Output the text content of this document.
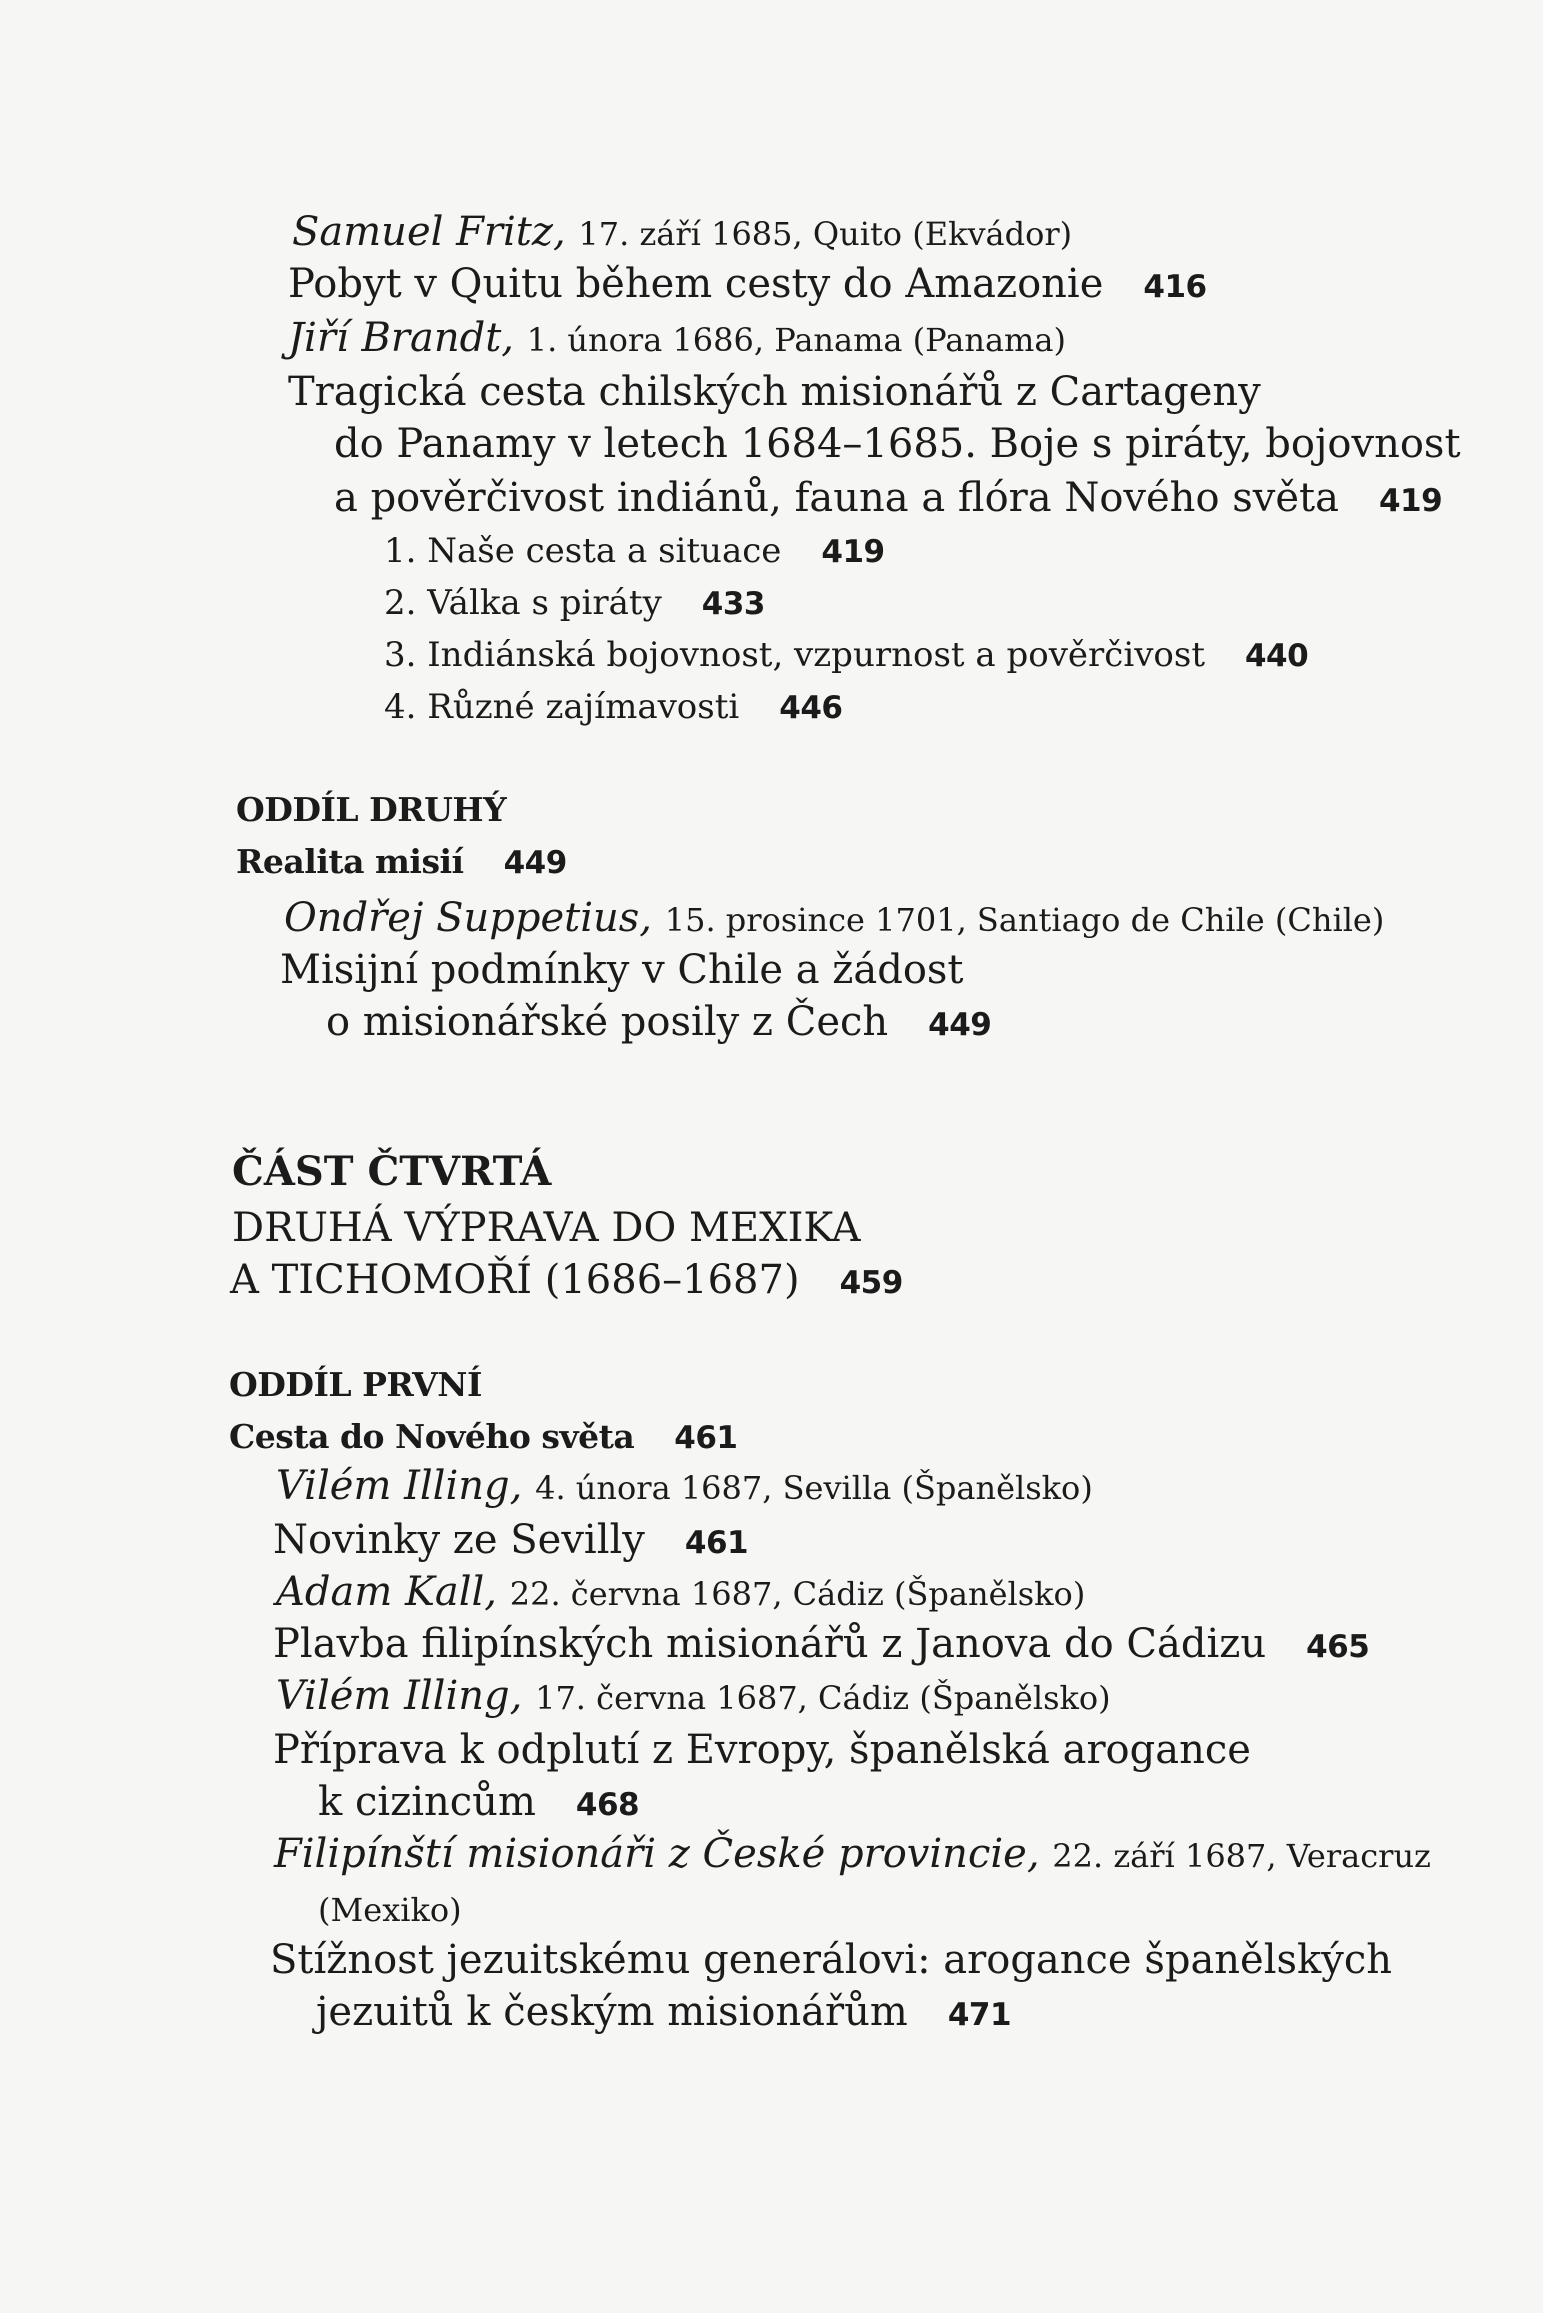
Samuel Fritz, 17. září 1685, Quito (Ekvádor)
Pobyt v Quitu během cesty do Amazonie 416
Jiří Brandt, 1. února 1686, Panama (Panama)
Tragická cesta chilských misionářů z Cartageny
do Panamy v letech 1684–1685. Boje s piráty, bojovnost
a pověrčivost indiánů, fauna a flóra Nového světa 419
1. Naše cesta a situace 419
2. Válka s piráty 433
3. Indiánská bojovnost, vzpurnost a pověrčivost 440
4. Různé zajímavosti 446
ODDÍL DRUHÝ
Realita misií 449
Ondřej Suppetius, 15. prosince 1701, Santiago de Chile (Chile)
Misijní podmínky v Chile a žádost
o misionářské posily z Čech 449
ČÁST ČTVRTÁ
DRUHÁ VÝPRAVA DO MEXIKA
A TICHOMOŘÍ (1686–1687) 459
ODDÍL PRVNÍ
Cesta do Nového světa 461
Vilém Illing, 4. února 1687, Sevilla (Španělsko)
Novinky ze Sevilly 461
Adam Kall, 22. června 1687, Cádiz (Španělsko)
Plavba filipínských misionářů z Janova do Cádizu 465
Vilém Illing, 17. června 1687, Cádiz (Španělsko)
Příprava k odplutí z Evropy, španělská arogance
k cizincům 468
Filipínští misionáři z České provincie, 22. září 1687, Veracruz
(Mexiko)
Stížnost jezuitskému generálovi: arogance španělských
jezuitů k českým misionářům 471
